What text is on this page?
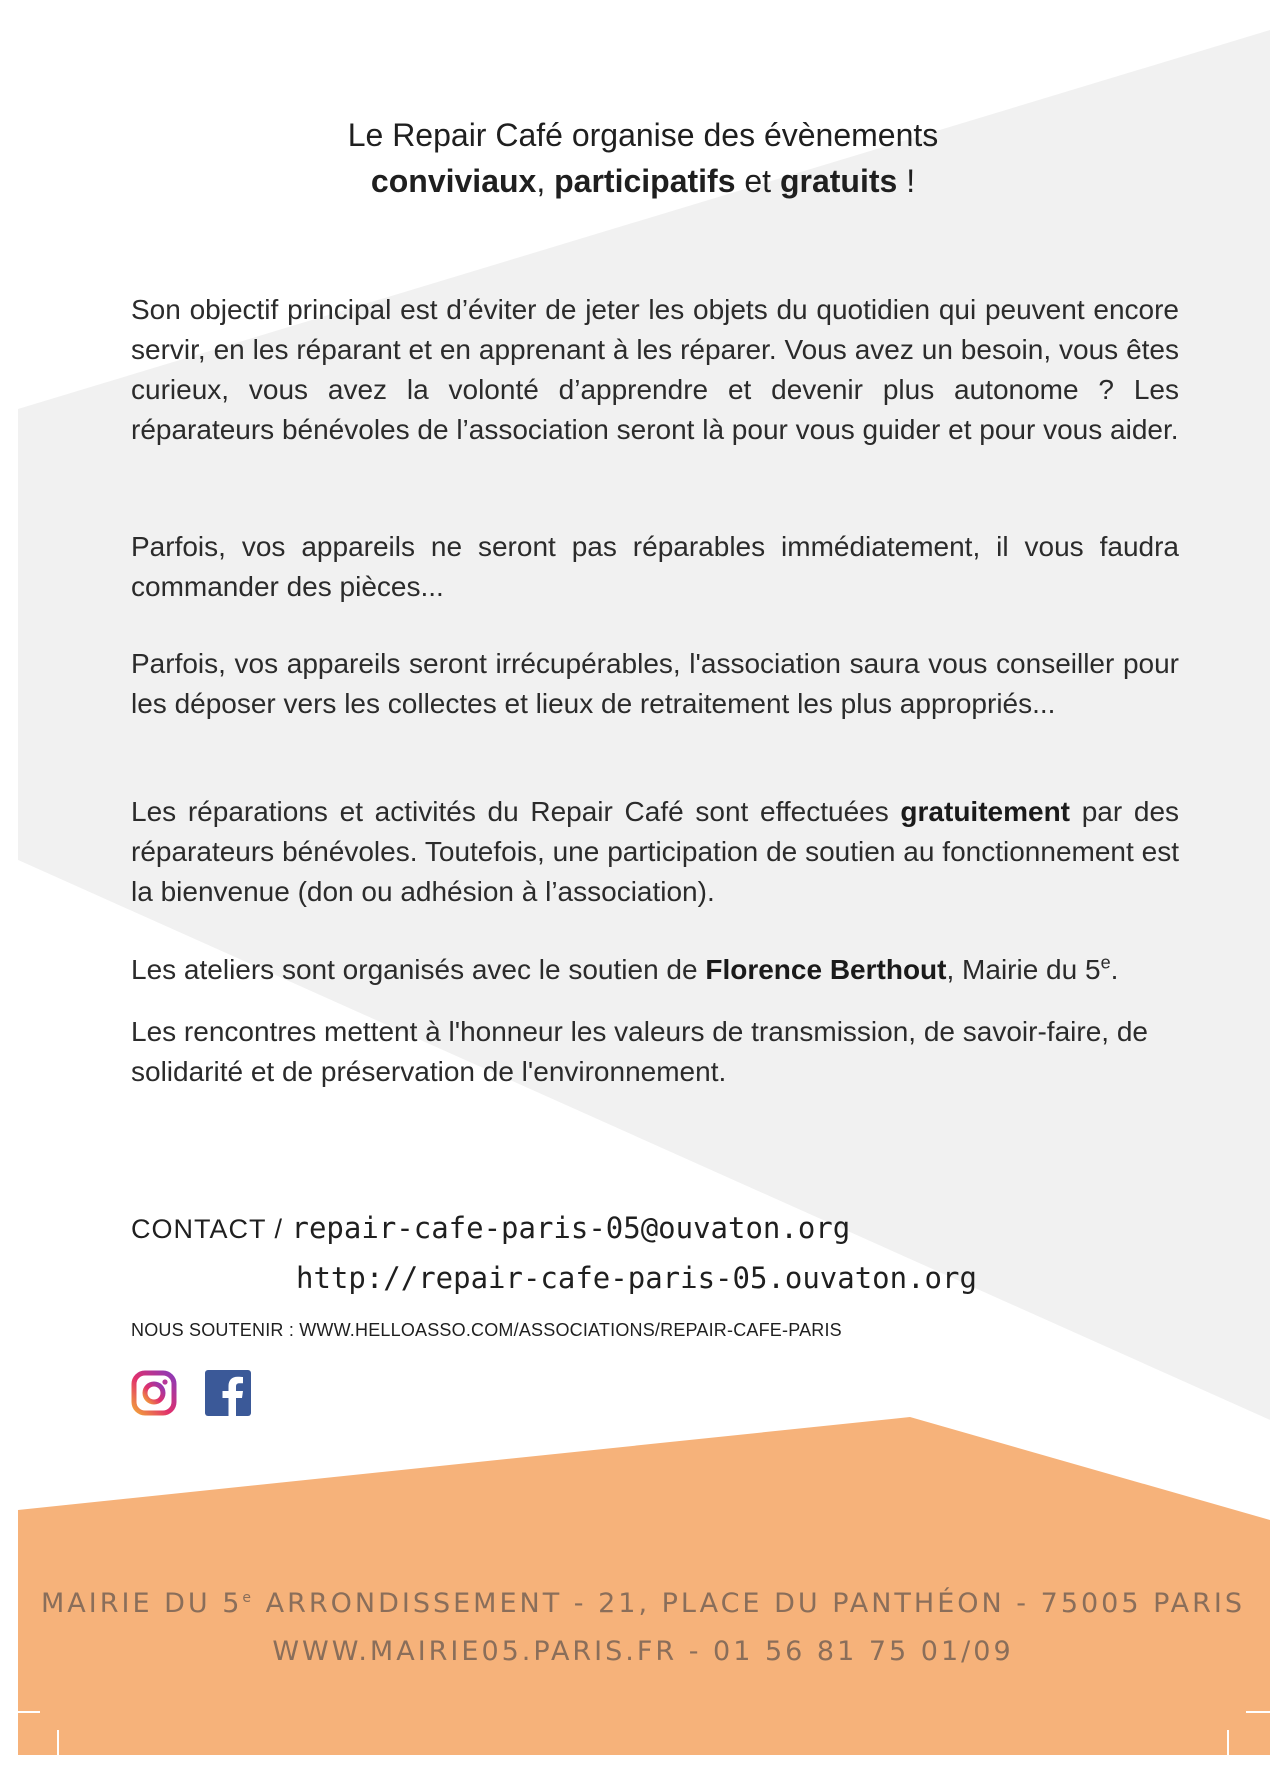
Le Repair Café organise des évènements
conviviaux, participatifs et gratuits !

Son objectif principal est d’éviter de jeter les objets du quotidien qui peuvent encore servir, en les réparant et en apprenant à les réparer. Vous avez un besoin, vous êtes curieux, vous avez la volonté d’apprendre et devenir plus autonome ? Les réparateurs bénévoles de l’association seront là pour vous guider et pour vous aider.

Parfois, vos appareils ne seront pas réparables immédiatement, il vous faudra commander des pièces...

Parfois, vos appareils seront irrécupérables, l'association saura vous conseiller pour les déposer vers les collectes et lieux de retraitement les plus appropriés...

Les réparations et activités du Repair Café sont effectuées gratuitement par des réparateurs bénévoles. Toutefois, une participation de soutien au fonctionnement est la bienvenue (don ou adhésion à l’association).

Les ateliers sont organisés avec le soutien de Florence Berthout, Mairie du 5e.

Les rencontres mettent à l'honneur les valeurs de transmission, de savoir-faire, de solidarité et de préservation de l'environnement.

CONTACT / repair-cafe-paris-05@ouvaton.org
http://repair-cafe-paris-05.ouvaton.org
NOUS SOUTENIR : WWW.HELLOASSO.COM/ASSOCIATIONS/REPAIR-CAFE-PARIS
MAIRIE DU 5e ARRONDISSEMENT - 21, PLACE DU PANTHÉON - 75005 PARIS
WWW.MAIRIE05.PARIS.FR - 01 56 81 75 01/09
